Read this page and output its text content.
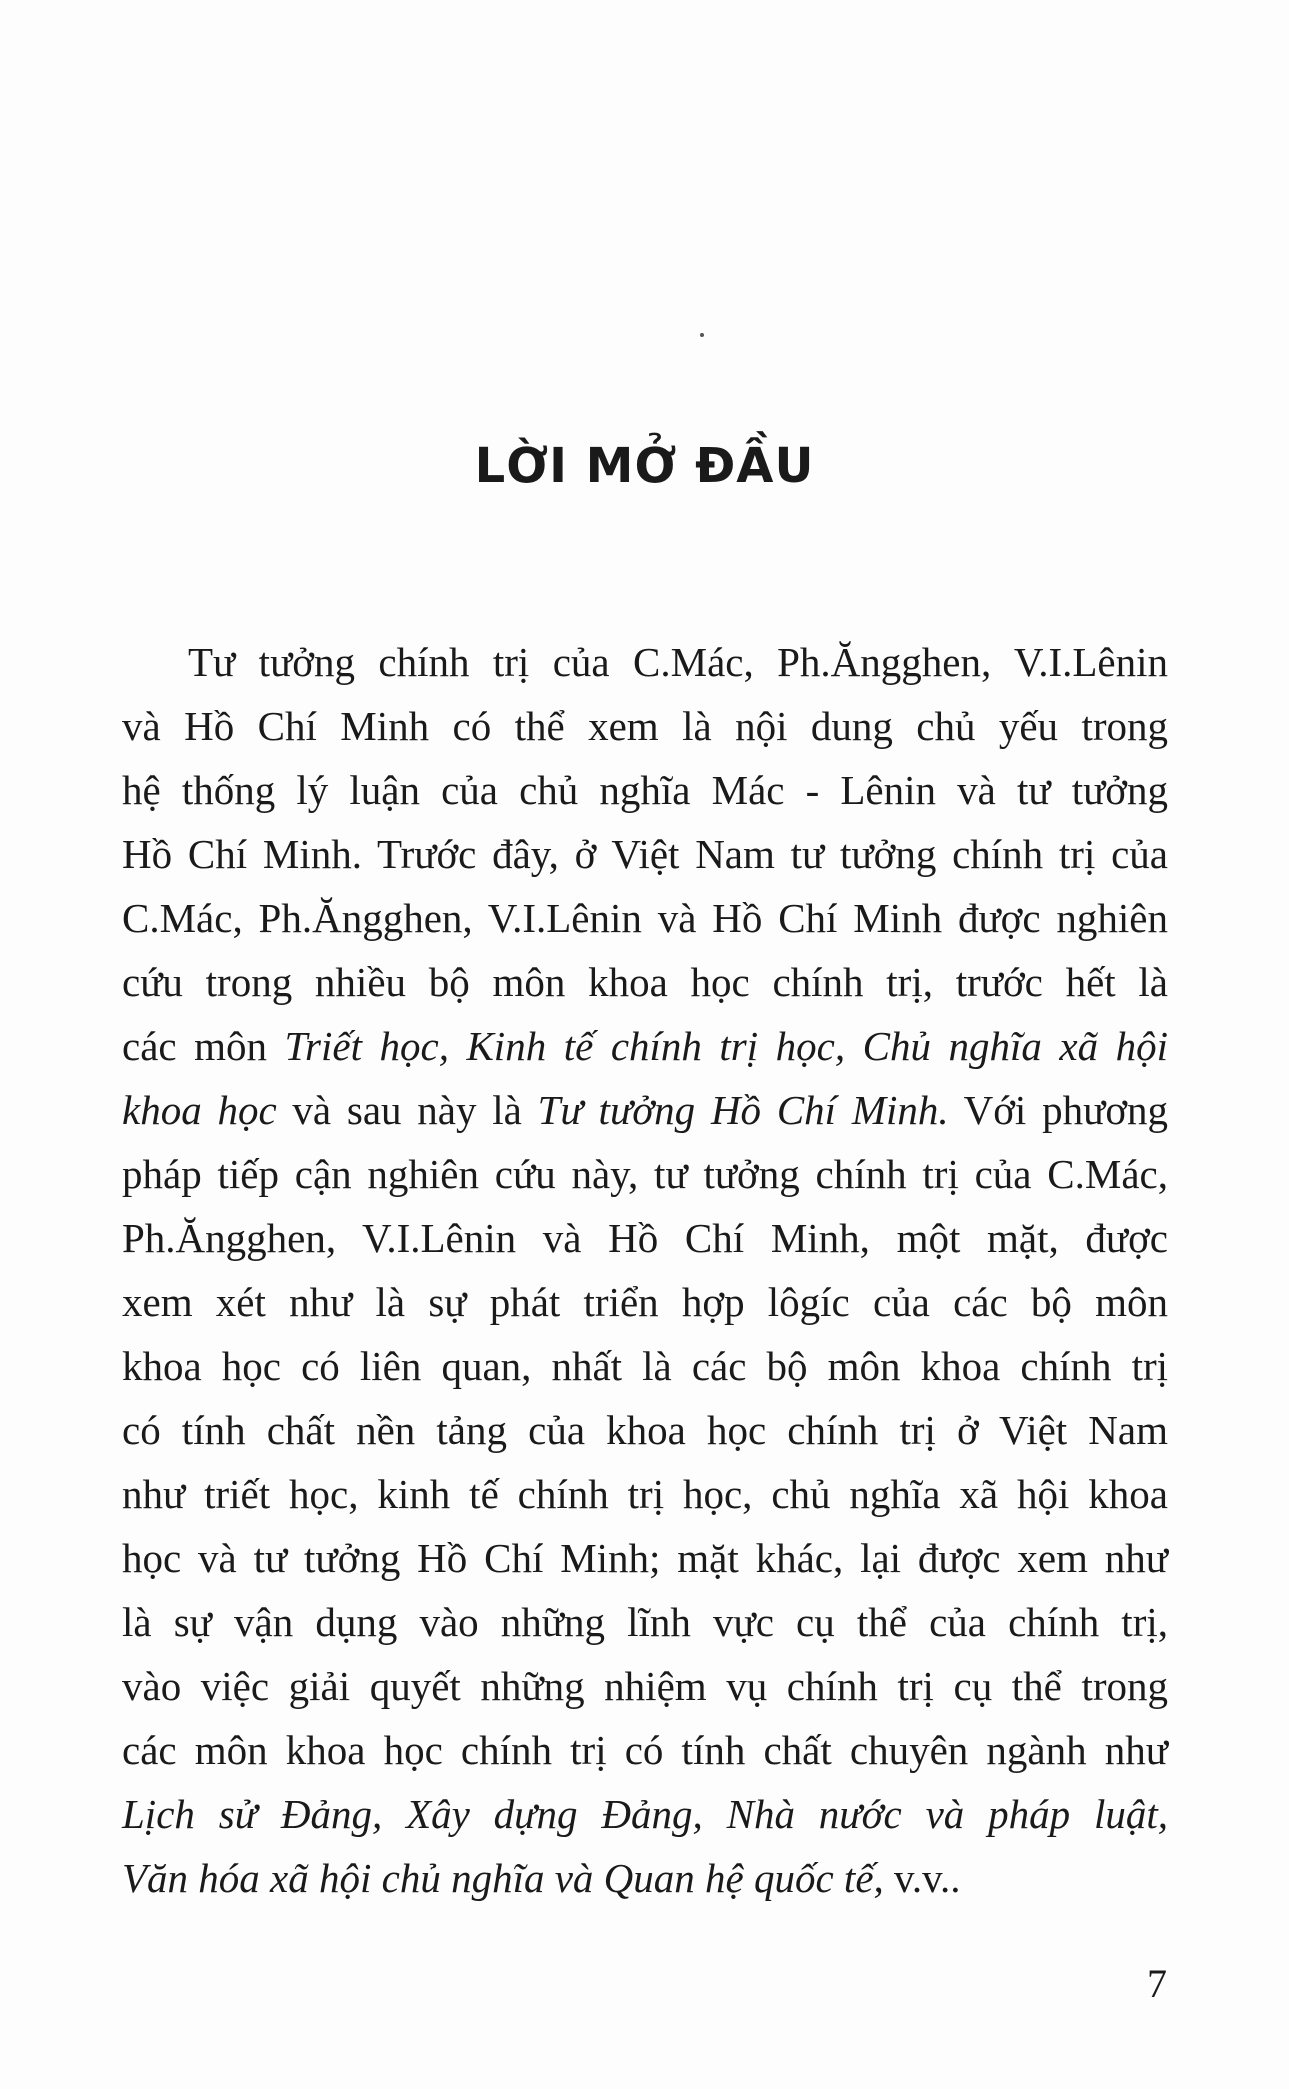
LỜI MỞ ĐẦU
Tư tưởng chính trị của C.Mác, Ph.Ăngghen, V.I.Lênin
và Hồ Chí Minh có thể xem là nội dung chủ yếu trong
hệ thống lý luận của chủ nghĩa Mác - Lênin và tư tưởng
Hồ Chí Minh. Trước đây, ở Việt Nam tư tưởng chính trị của
C.Mác, Ph.Ăngghen, V.I.Lênin và Hồ Chí Minh được nghiên
cứu trong nhiều bộ môn khoa học chính trị, trước hết là
các môn Triết học, Kinh tế chính trị học, Chủ nghĩa xã hội
khoa học và sau này là Tư tưởng Hồ Chí Minh. Với phương
pháp tiếp cận nghiên cứu này, tư tưởng chính trị của C.Mác,
Ph.Ăngghen, V.I.Lênin và Hồ Chí Minh, một mặt, được
xem xét như là sự phát triển hợp lôgíc của các bộ môn
khoa học có liên quan, nhất là các bộ môn khoa chính trị
có tính chất nền tảng của khoa học chính trị ở Việt Nam
như triết học, kinh tế chính trị học, chủ nghĩa xã hội khoa
học và tư tưởng Hồ Chí Minh; mặt khác, lại được xem như
là sự vận dụng vào những lĩnh vực cụ thể của chính trị,
vào việc giải quyết những nhiệm vụ chính trị cụ thể trong
các môn khoa học chính trị có tính chất chuyên ngành như
Lịch sử Đảng, Xây dựng Đảng, Nhà nước và pháp luật,
Văn hóa xã hội chủ nghĩa và Quan hệ quốc tế, v.v..
7
